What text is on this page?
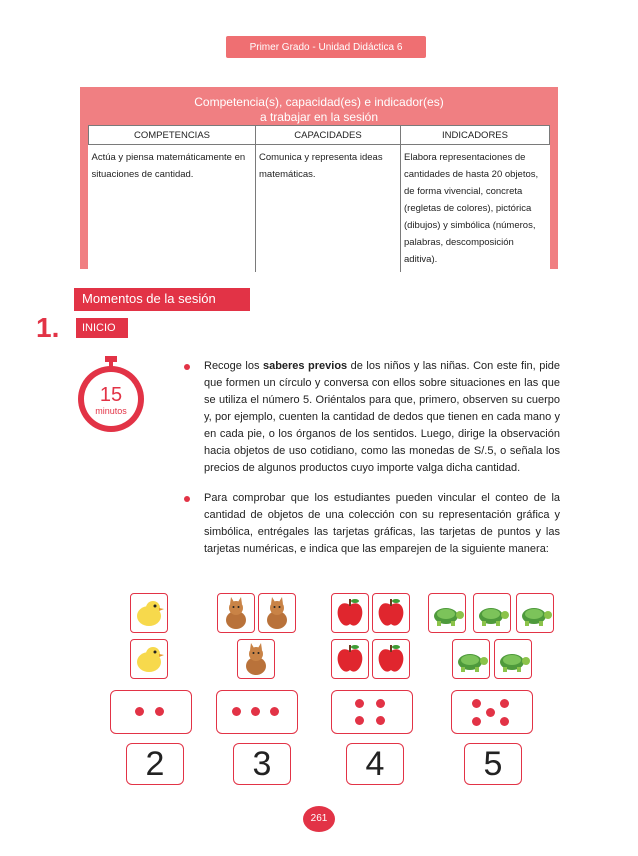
Primer Grado - Unidad Didáctica 6
Competencia(s), capacidad(es) e indicador(es)
a trabajar en la sesión
COMPETENCIAS	CAPACIDADES	INDICADORES
Actúa y piensa matemáticamente en situaciones de cantidad.	Comunica y representa ideas matemáticas.	Elabora representaciones de cantidades de hasta 20 objetos, de forma vivencial, concreta (regletas de colores), pictórica (dibujos) y simbólica (números, palabras, descomposición aditiva).
Momentos de la sesión
1.	INICIO
15
minutos
Recoge los saberes previos de los niños y las niñas. Con este fin, pide que formen un círculo y conversa con ellos sobre situaciones en las que se utiliza el número 5. Oriéntalos para que, primero, observen su cuerpo y, por ejemplo, cuenten la cantidad de dedos que tienen en cada mano y en cada pie, o los órganos de los sentidos. Luego, dirige la observación hacia objetos de uso cotidiano, como las monedas de S/.5, o señala los precios de algunos productos cuyo importe valga dicha cantidad.
Para comprobar que los estudiantes pueden vincular el conteo de la cantidad de objetos de una colección con su representación gráfica y simbólica, entrégales las tarjetas gráficas, las tarjetas de puntos y las tarjetas numéricas, e indica que las emparejen de la siguiente manera:
2	3	4	5
261
